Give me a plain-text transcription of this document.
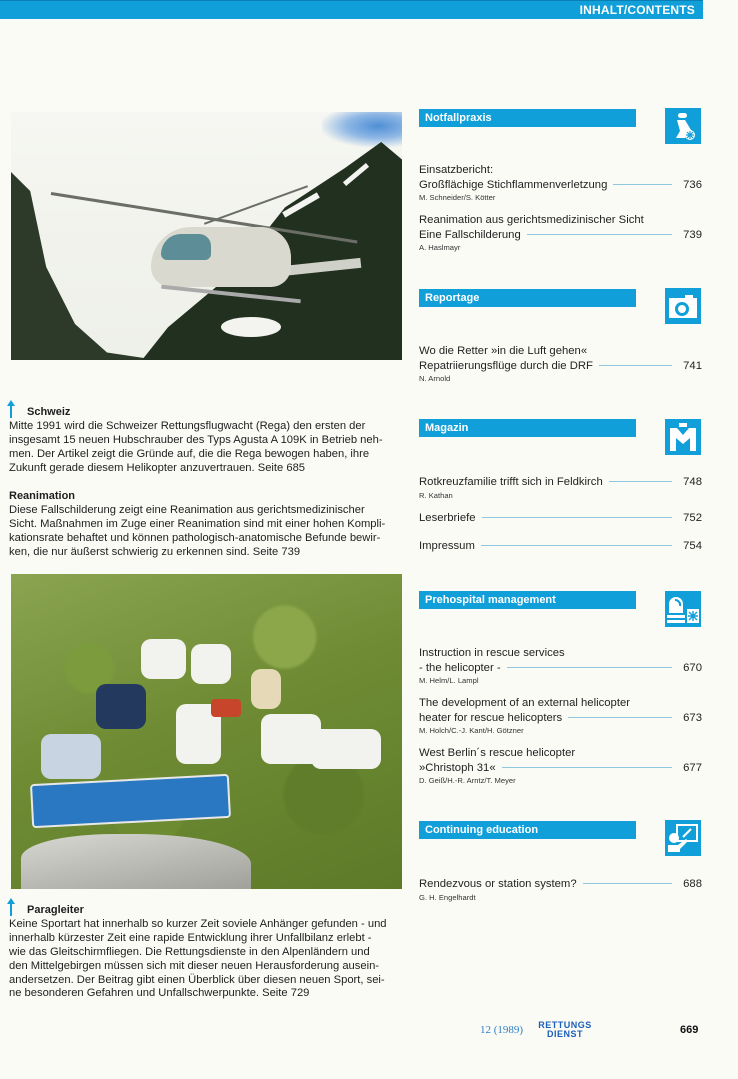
INHALT/CONTENTS
Schweiz
Mitte 1991 wird die Schweizer Rettungsflugwacht (Rega) den ersten der
insgesamt 15 neuen Hubschrauber des Typs Agusta A 109K in Betrieb neh-
men. Der Artikel zeigt die Gründe auf, die die Rega bewogen haben, ihre
Zukunft gerade diesem Helikopter anzuvertrauen. Seite 685
Reanimation
Diese Fallschilderung zeigt eine Reanimation aus gerichtsmedizinischer
Sicht. Maßnahmen im Zuge einer Reanimation sind mit einer hohen Kompli-
kationsrate behaftet und können pathologisch-anatomische Befunde bewir-
ken, die nur äußerst schwierig zu erkennen sind. Seite 739
Paragleiter
Keine Sportart hat innerhalb so kurzer Zeit soviele Anhänger gefunden - und
innerhalb kürzester Zeit eine rapide Entwicklung ihrer Unfallbilanz erlebt -
wie das Gleitschirmfliegen. Die Rettungsdienste in den Alpenländern und
den Mittelgebirgen müssen sich mit dieser neuen Herausforderung ausein-
andersetzen. Der Beitrag gibt einen Überblick über diesen neuen Sport, sei-
ne besonderen Gefahren und Unfallschwerpunkte. Seite 729
Notfallpraxis
Einsatzbericht:
Großflächige Stichflammenverletzung	736
M. Schneider/S. Kötter
Reanimation aus gerichtsmedizinischer Sicht
Eine Fallschilderung	739
A. Haslmayr
Reportage
Wo die Retter »in die Luft gehen«
Repatriierungsflüge durch die DRF	741
N. Arnold
Magazin
Rotkreuzfamilie trifft sich in Feldkirch	748
R. Kathan
Leserbriefe	752
Impressum	754
Prehospital management
Instruction in rescue services
- the helicopter -	670
M. Helm/L. Lampl
The development of an external helicopter
heater for rescue helicopters	673
M. Holch/C.-J. Kant/H. Götzner
West Berlin´s rescue helicopter
»Christoph 31«	677
D. Geiß/H.-R. Arntz/T. Meyer
Continuing education
Rendezvous or station system?	688
G. H. Engelhardt
12 (1989) RETTUNGS
DIENST	669
